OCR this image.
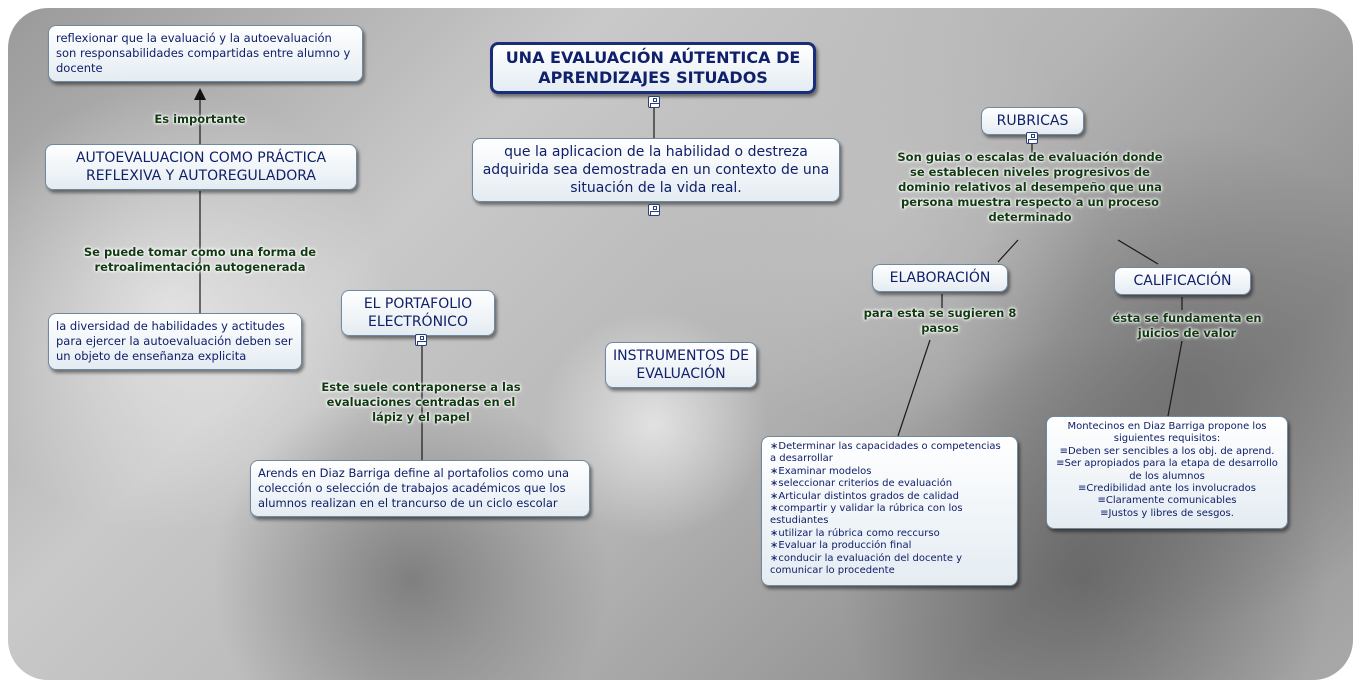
reflexionar que la evaluació y la autoevaluación son responsabilidades compartidas entre alumno y docente
Es importante
AUTOEVALUACION COMO PRÁCTICA REFLEXIVA Y AUTOREGULADORA
Se puede tomar como una forma de retroalimentación autogenerada
la diversidad de habilidades y actitudes para ejercer la autoevaluación deben ser un objeto de enseñanza explicita
UNA EVALUACIÓN AÚTENTICA DE APRENDIZAJES SITUADOS
que la aplicacion de la habilidad o destreza adquirida sea demostrada en un contexto de una situación de la vida real.
EL PORTAFOLIO ELECTRÓNICO
Este suele contraponerse a las evaluaciones centradas en el lápiz y el papel
Arends en Diaz Barriga define al portafolios como una colección o selección de trabajos académicos que los alumnos realizan en el trancurso de un ciclo escolar
INSTRUMENTOS DE EVALUACIÓN
RUBRICAS
Son guias o escalas de evaluación donde se establecen niveles progresivos de dominio relativos al desempeño que una persona muestra respecto a un proceso determinado
ELABORACIÓN
para esta se sugieren 8 pasos
∗Determinar las capacidades o competencias a desarrollar
∗Examinar modelos
∗seleccionar criterios de evaluación
∗Articular distintos grados de calidad
∗compartir y validar la rúbrica con los estudiantes
∗utilizar la rúbrica como reccurso
∗Evaluar la producción final
∗conducir la evaluación del docente y comunicar lo procedente
CALIFICACIÓN
ésta se fundamenta en juicios de valor
Montecinos en Diaz Barriga propone los siguientes requisitos:
≡Deben ser sencibles a los obj. de aprend.
≡Ser apropiados para la etapa de desarrollo de los alumnos
≡Credibilidad ante los involucrados
≡Claramente comunicables
≡Justos y libres de sesgos.
